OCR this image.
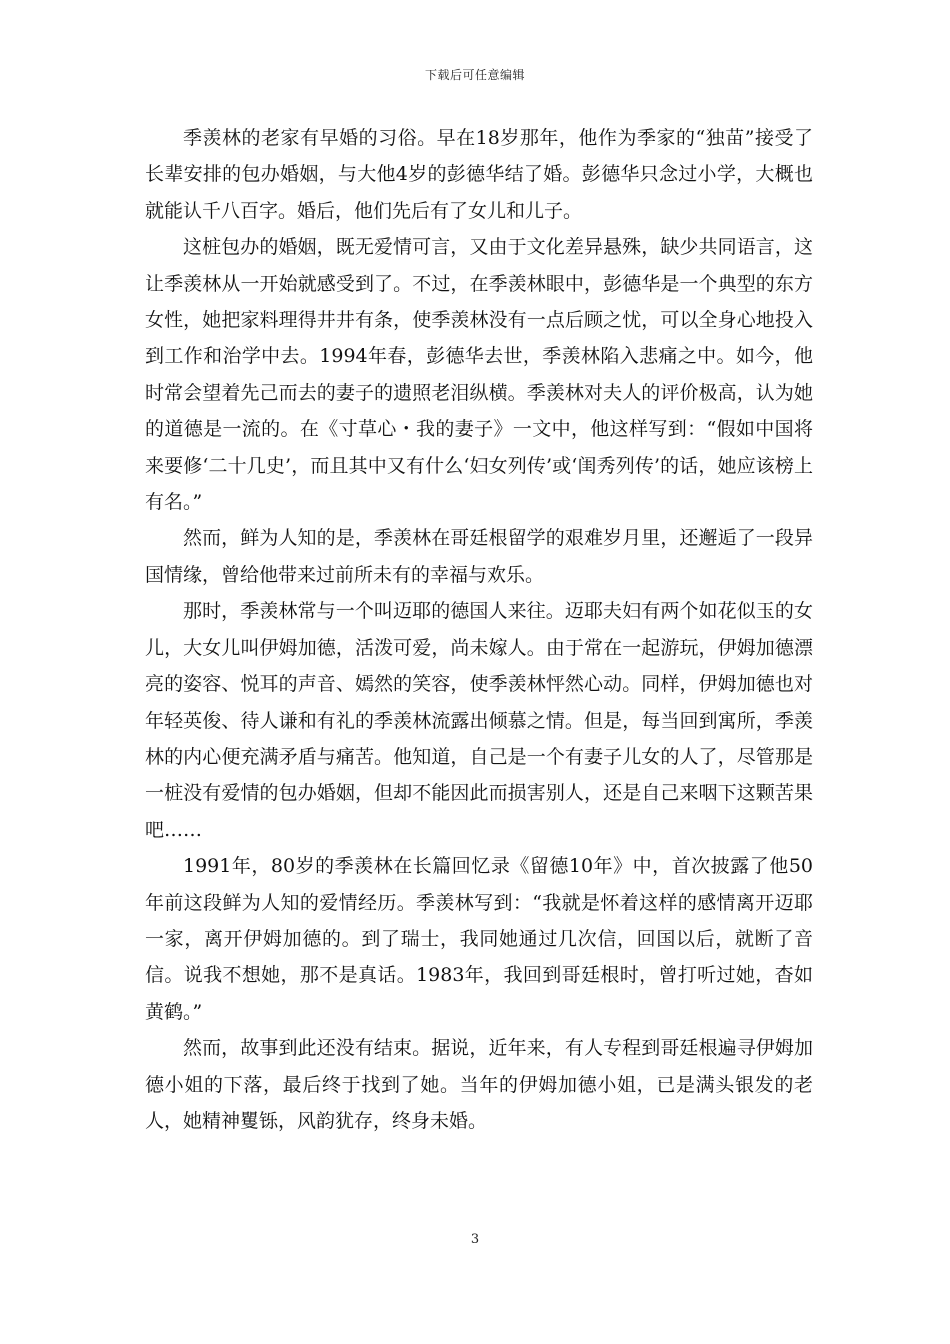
下载后可任意编辑

季羡林的老家有早婚的习俗。早在18岁那年，他作为季家的“独苗”接受了长辈安排的包办婚姻，与大他4岁的彭德华结了婚。彭德华只念过小学，大概也就能认千八百字。婚后，他们先后有了女儿和儿子。

这桩包办的婚姻，既无爱情可言，又由于文化差异悬殊，缺少共同语言，这让季羡林从一开始就感受到了。不过，在季羡林眼中，彭德华是一个典型的东方女性，她把家料理得井井有条，使季羡林没有一点后顾之忧，可以全身心地投入到工作和治学中去。1994年春，彭德华去世，季羡林陷入悲痛之中。如今，他时常会望着先己而去的妻子的遗照老泪纵横。季羡林对夫人的评价极高，认为她的道德是一流的。在《寸草心・我的妻子》一文中，他这样写到：“假如中国将来要修‘二十几史’，而且其中又有什么‘妇女列传’或‘闺秀列传’的话，她应该榜上有名。”

然而，鲜为人知的是，季羡林在哥廷根留学的艰难岁月里，还邂逅了一段异国情缘，曾给他带来过前所未有的幸福与欢乐。

那时，季羡林常与一个叫迈耶的德国人来往。迈耶夫妇有两个如花似玉的女儿，大女儿叫伊姆加德，活泼可爱，尚未嫁人。由于常在一起游玩，伊姆加德漂亮的姿容、悦耳的声音、嫣然的笑容，使季羡林怦然心动。同样，伊姆加德也对年轻英俊、待人谦和有礼的季羡林流露出倾慕之情。但是，每当回到寓所，季羡林的内心便充满矛盾与痛苦。他知道，自己是一个有妻子儿女的人了，尽管那是一桩没有爱情的包办婚姻，但却不能因此而损害别人，还是自己来咽下这颗苦果吧……

1991年，80岁的季羡林在长篇回忆录《留德10年》中，首次披露了他50年前这段鲜为人知的爱情经历。季羡林写到：“我就是怀着这样的感情离开迈耶一家，离开伊姆加德的。到了瑞士，我同她通过几次信，回国以后，就断了音信。说我不想她，那不是真话。1983年，我回到哥廷根时，曾打听过她，杳如黄鹤。”

然而，故事到此还没有结束。据说，近年来，有人专程到哥廷根遍寻伊姆加德小姐的下落，最后终于找到了她。当年的伊姆加德小姐，已是满头银发的老人，她精神矍铄，风韵犹存，终身未婚。

3
